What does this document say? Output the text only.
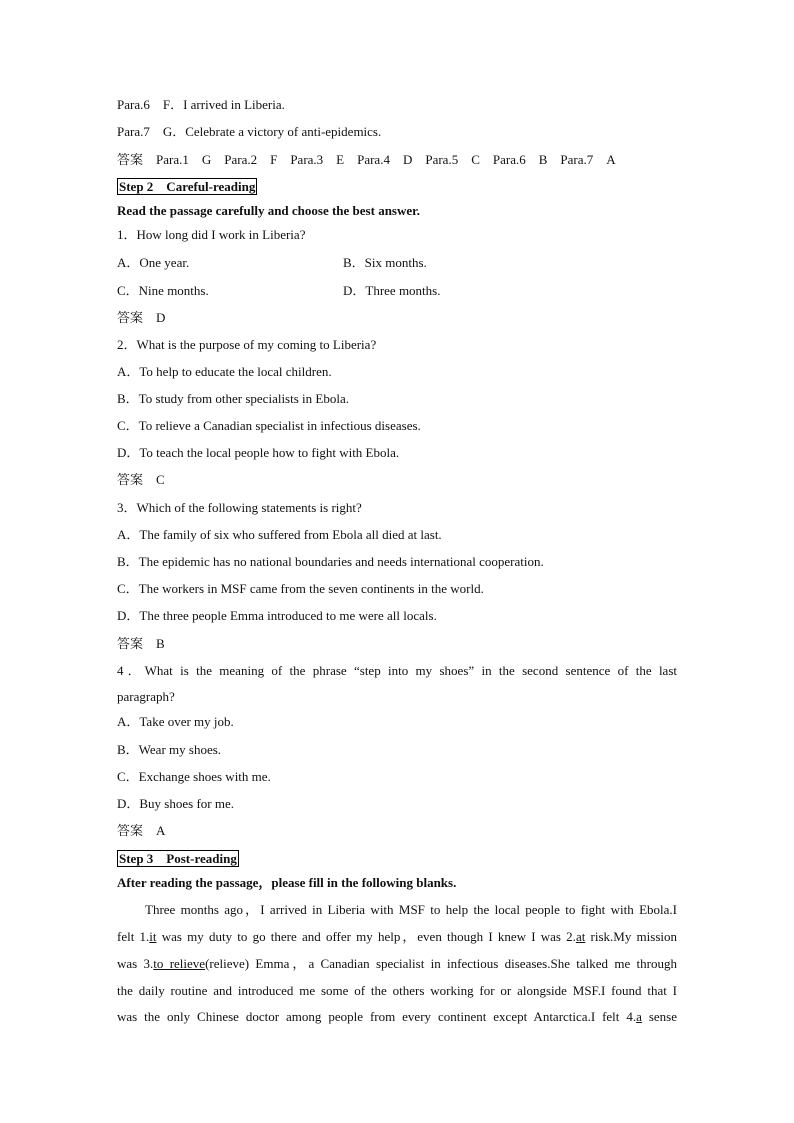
Para.6　F．I arrived in Liberia.
Para.7　G．Celebrate a victory of anti-epidemics.
答案　Para.1　G　Para.2　F　Para.3　E　Para.4　D　Para.5　C　Para.6　B　Para.7　A
Step 2　Careful-reading
Read the passage carefully and choose the best answer.
1．How long did I work in Liberia?
A．One year.	B．Six months.
C．Nine months.	D．Three months.
答案　D
2．What is the purpose of my coming to Liberia?
A．To help to educate the local children.
B．To study from other specialists in Ebola.
C．To relieve a Canadian specialist in infectious diseases.
D．To teach the local people how to fight with Ebola.
答案　C
3．Which of the following statements is right?
A．The family of six who suffered from Ebola all died at last.
B．The epidemic has no national boundaries and needs international cooperation.
C．The workers in MSF came from the seven continents in the world.
D．The three people Emma introduced to me were all locals.
答案　B
4．What is the meaning of the phrase “step into my shoes” in the second sentence of the last
paragraph?
A．Take over my job.
B．Wear my shoes.
C．Exchange shoes with me.
D．Buy shoes for me.
答案　A
Step 3　Post-reading
After reading the passage，please fill in the following blanks.
Three months ago，I arrived in Liberia with MSF to help the local people to fight with Ebola.I
felt 1.it was my duty to go there and offer my help，even though I knew I was 2.at risk.My mission
was 3.to relieve(relieve) Emma，a Canadian specialist in infectious diseases.She talked me through
the daily routine and introduced me some of the others working for or alongside MSF.I found that I
was the only Chinese doctor among people from every continent except Antarctica.I felt 4.a sense
